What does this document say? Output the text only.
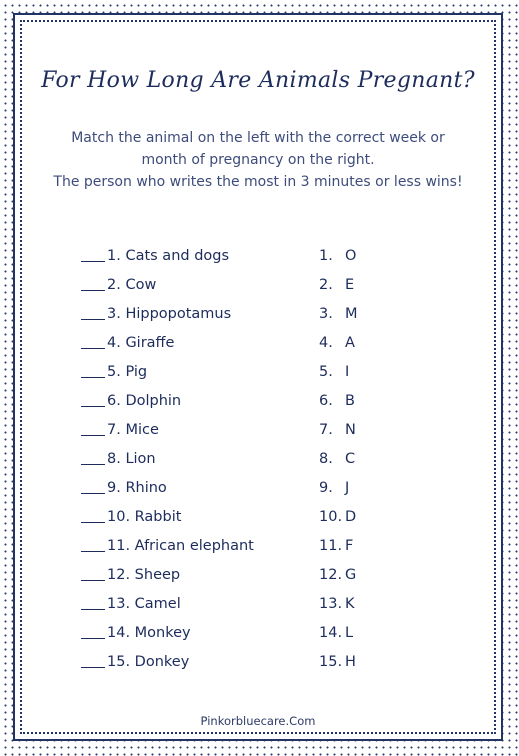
For How Long Are Animals Pregnant?
Match the animal on the left with the correct week or
month of pregnancy on the right.
The person who writes the most in 3 minutes or less wins!
1. Cats and dogs	1. O
2. Cow	2. E
3. Hippopotamus	3. M
4. Giraffe	4. A
5. Pig	5. I
6. Dolphin	6. B
7. Mice	7. N
8. Lion	8. C
9. Rhino	9. J
10. Rabbit	10. D
11. African elephant	11. F
12. Sheep	12. G
13. Camel	13. K
14. Monkey	14. L
15. Donkey	15. H
Pinkorbluecare.Com
